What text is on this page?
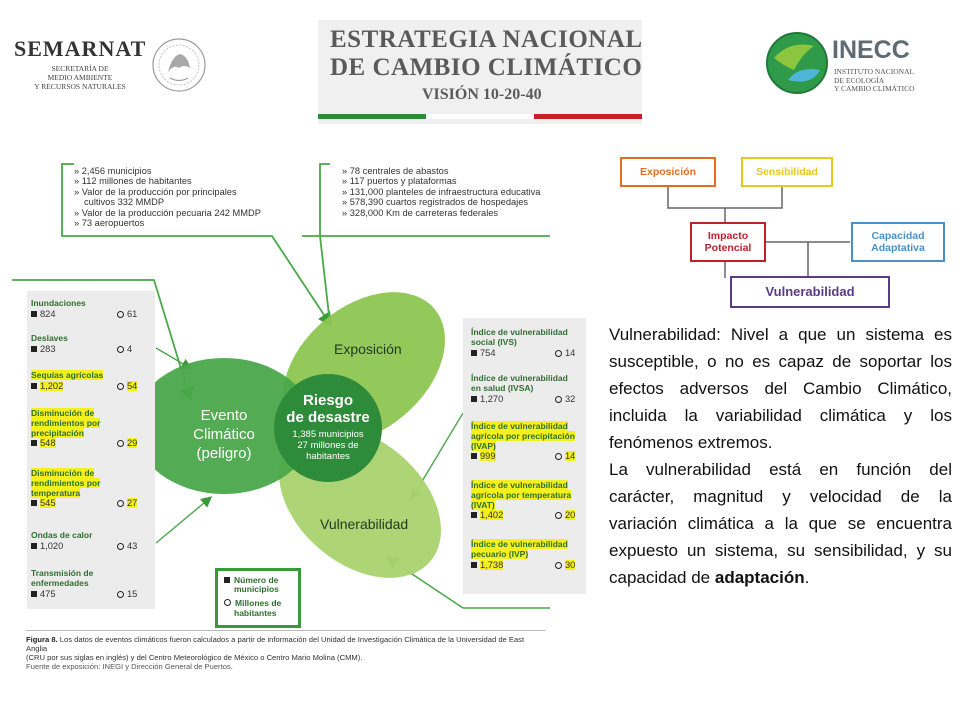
SEMARNAT
SECRETARÍA DE
MEDIO AMBIENTE
Y RECURSOS NATURALES
ESTRATEGIA NACIONAL
DE CAMBIO CLIMÁTICO
VISIÓN 10-20-40
INECC
INSTITUTO NACIONAL
DE ECOLOGÍA
Y CAMBIO CLIMÁTICO
» 2,456 municipios
» 112 millones de habitantes
» Valor de la producción por principales
cultivos 332 MMDP
» Valor de la producción pecuaria 242 MMDP
» 73 aeropuertos
» 78 centrales de abastos
» 117 puertos y plataformas
» 131,000 planteles de infraestructura educativa
» 578,390 cuartos registrados de hospedajes
» 328,000 Km de carreteras federales
Inundaciones
824	61
Deslaves
283	4
Sequías agrícolas
1,202	54
Disminución de
rendimientos por
precipitación
548	29
Disminución de
rendimientos por
temperatura
545	27
Ondas de calor
1,020	43
Transmisión de
enfermedades
475	15
Índice de vulnerabilidad
social (IVS)
754	14
Índice de vulnerabilidad
en salud (IVSA)
1,270	32
Índice de vulnerabilidad
agrícola por precipitación
(IVAP)
999	14
Índice de vulnerabilidad
agrícola por temperatura
(IVAT)
1,402	20
Índice de vulnerabilidad
pecuario (IVP)
1,738	30
Exposición
Evento
Climático
(peligro)
Vulnerabilidad
Riesgo
de desastre
1,385 municipios
27 millones de
habitantes
Número de
municipios
Millones de
habitantes
Figura 8. Los datos de eventos climáticos fueron calculados a partir de información del Unidad de Investigación Climática de la Universidad de East Anglia
(CRU por sus siglas en inglés) y del Centro Meteorológico de México o Centro Mario Molina (CMM).
Fuente de exposición: INEGI y Dirección General de Puertos.
Exposición	Sensibilidad
Impacto
Potencial
Capacidad
Adaptativa
Vulnerabilidad

Vulnerabilidad: Nivel a que un sistema es susceptible, o no es capaz de soportar los efectos adversos del Cambio Climático, incluida la variabilidad climática y los fenómenos extremos.

La vulnerabilidad está en función del carácter, magnitud y velocidad de la variación climática a la que se encuentra expuesto un sistema, su sensibilidad, y su capacidad de adaptación.
